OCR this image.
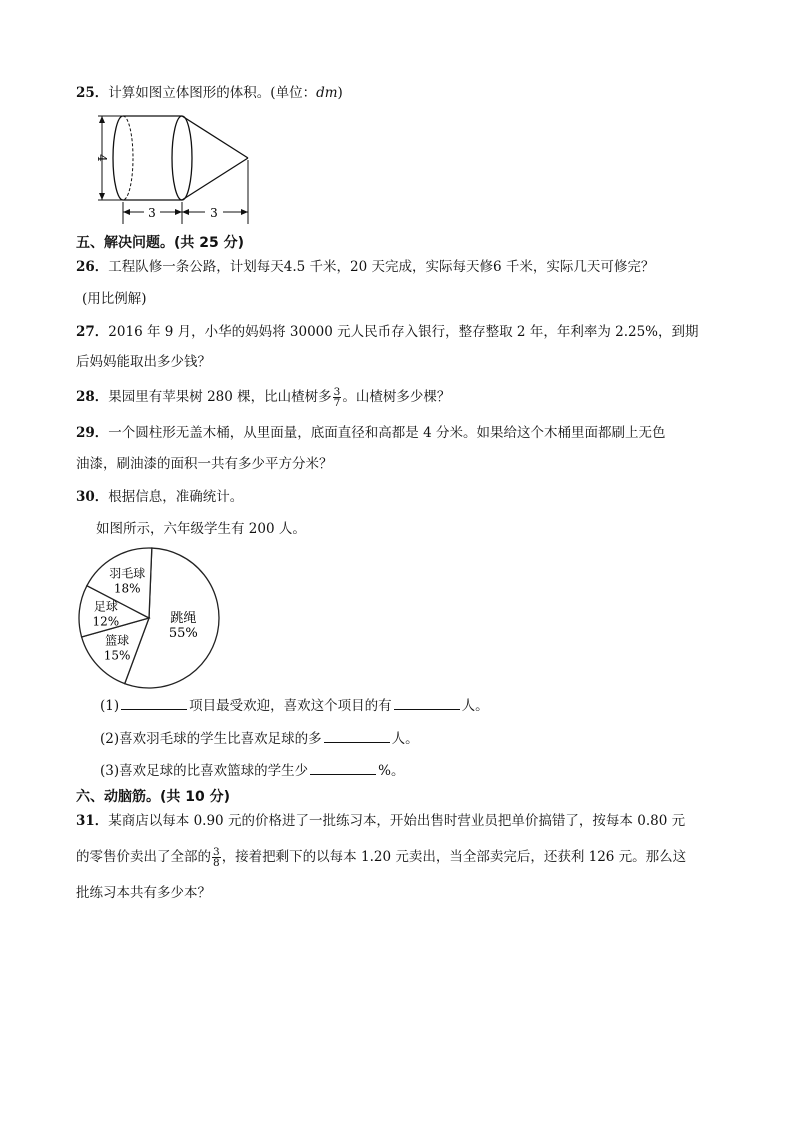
25．计算如图立体图形的体积。(单位：dm)
4
3	3
五、解决问题。(共 25 分)
26．工程队修一条公路，计划每天4.5 千米，20 天完成，实际每天修6 千米，实际几天可修完？
(用比例解)
27．2016 年 9 月，小华的妈妈将 30000 元人民币存入银行，整存整取 2 年，年利率为 2.25%，到期
后妈妈能取出多少钱？
28．果园里有苹果树 280 棵，比山楂树多 $\frac{3}{7}$ 。山楂树多少棵？
29．一个圆柱形无盖木桶，从里面量，底面直径和高都是 4 分米。如果给这个木桶里面都刷上无色
油漆，刷油漆的面积一共有多少平方分米？
30．根据信息，准确统计。
如图所示，六年级学生有 200 人。
跳绳
55%
篮球
15%
足球
12%
羽毛球
18%
(1)	项目最受欢迎，喜欢这个项目的有	人。
(2)喜欢羽毛球的学生比喜欢足球的多	人。
(3)喜欢足球的比喜欢篮球的学生少	%。
六、动脑筋。(共 10 分)
31．某商店以每本 0.90 元的价格进了一批练习本，开始出售时营业员把单价搞错了，按每本 0.80 元
的零售价卖出了全部的 $\frac{3}{8}$ ，接着把剩下的以每本 1.20 元卖出，当全部卖完后，还获利 126 元。那么这
批练习本共有多少本？
